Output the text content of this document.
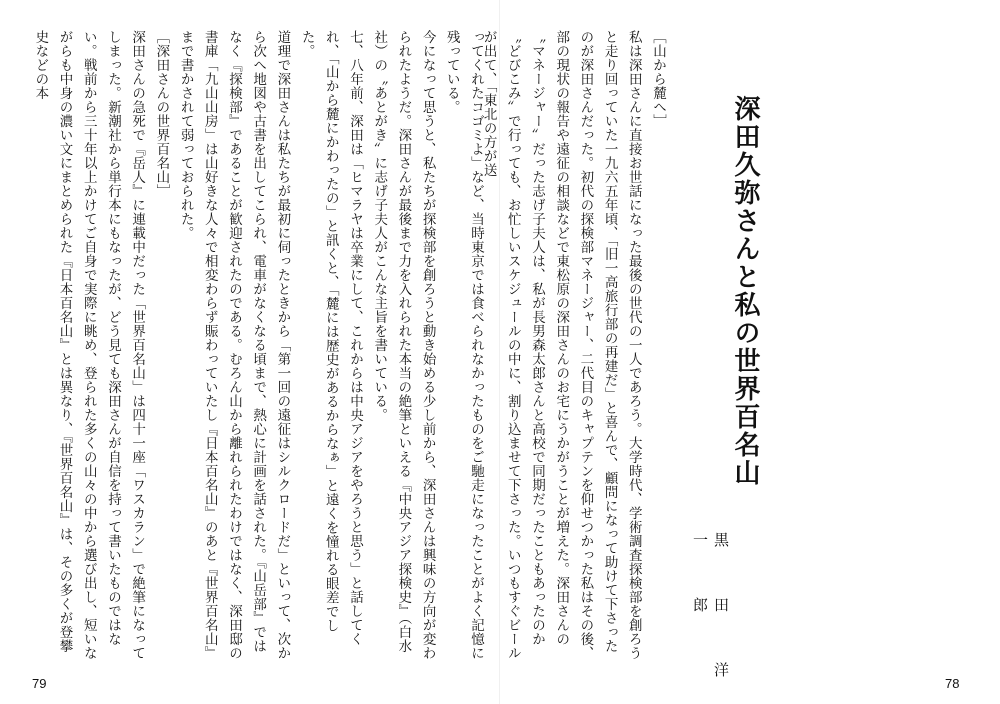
ってくれたコゴミよ」など、当時東京では食べられなかったものをご馳走になったことがよく記憶に残っている。
今になって思うと、私たちが探検部を創ろうと動き始める少し前から、深田さんは興味の方向が変わられたようだ。深田さんが最後まで力を入れられた本当の絶筆といえる『中央アジア探検史』（白水社）の〝あとがき〟に志げ子夫人がこんな主旨を書いている。
七、八年前、深田は「ヒマラヤは卒業にして、これからは中央アジアをやろうと思う」と話してくれ、「山から麓にかわったの」と訊くと、「麓には歴史があるからなぁ」と遠くを憧れる眼差でした。
道理で深田さんは私たちが最初に伺ったときから「第一回の遠征はシルクロードだ」といって、次から次へ地図や古書を出してこられ、電車がなくなる頃まで、熱心に計画を話された。『山岳部』ではなく『探検部』であることが歓迎されたのである。むろん山から離れられたわけではなく、深田邸の書庫「九山山房」は山好きな人々で相変わらず賑わっていたし『日本百名山』のあと『世界百名山』まで書かされて弱っておられた。
［深田さんの世界百名山］
深田さんの急死で『岳人』に連載中だった「世界百名山」は四十一座「ワスカラン」で絶筆になってしまった。新潮社から単行本にもなったが、どう見ても深田さんが自信を持って書いたものではない。戦前から三十年以上かけてご自身で実際に眺め、登られた多くの山々の中から選び出し、短いながらも中身の濃い文にまとめられた『日本百名山』とは異なり、『世界百名山』は、その多くが登攀史などの本
79
［山から麓へ］
私は深田さんに直接お世話になった最後の世代の一人であろう。大学時代、学術調査探検部を創ろうと走り回っていた一九六五年頃、「旧一高旅行部の再建だ」と喜んで、顧問になって助けて下さったのが深田さんだった。初代の探検部マネージャー、二代目のキャプテンを仰せつかった私はその後、部の現状の報告や遠征の相談などで東松原の深田さんのお宅にうかがうことが増えた。深田さんの〝マネージャー〟だった志げ子夫人は、私が長男森太郎さんと高校で同期だったこともあったのか〝どびこみ〟で行っても、お忙しいスケジュールの中に、割り込ませて下さった。いつもすぐビールが出て、「東北の方が送	深田久弥さんと私の世界百名山
黒 田 洋 一 郎
78
